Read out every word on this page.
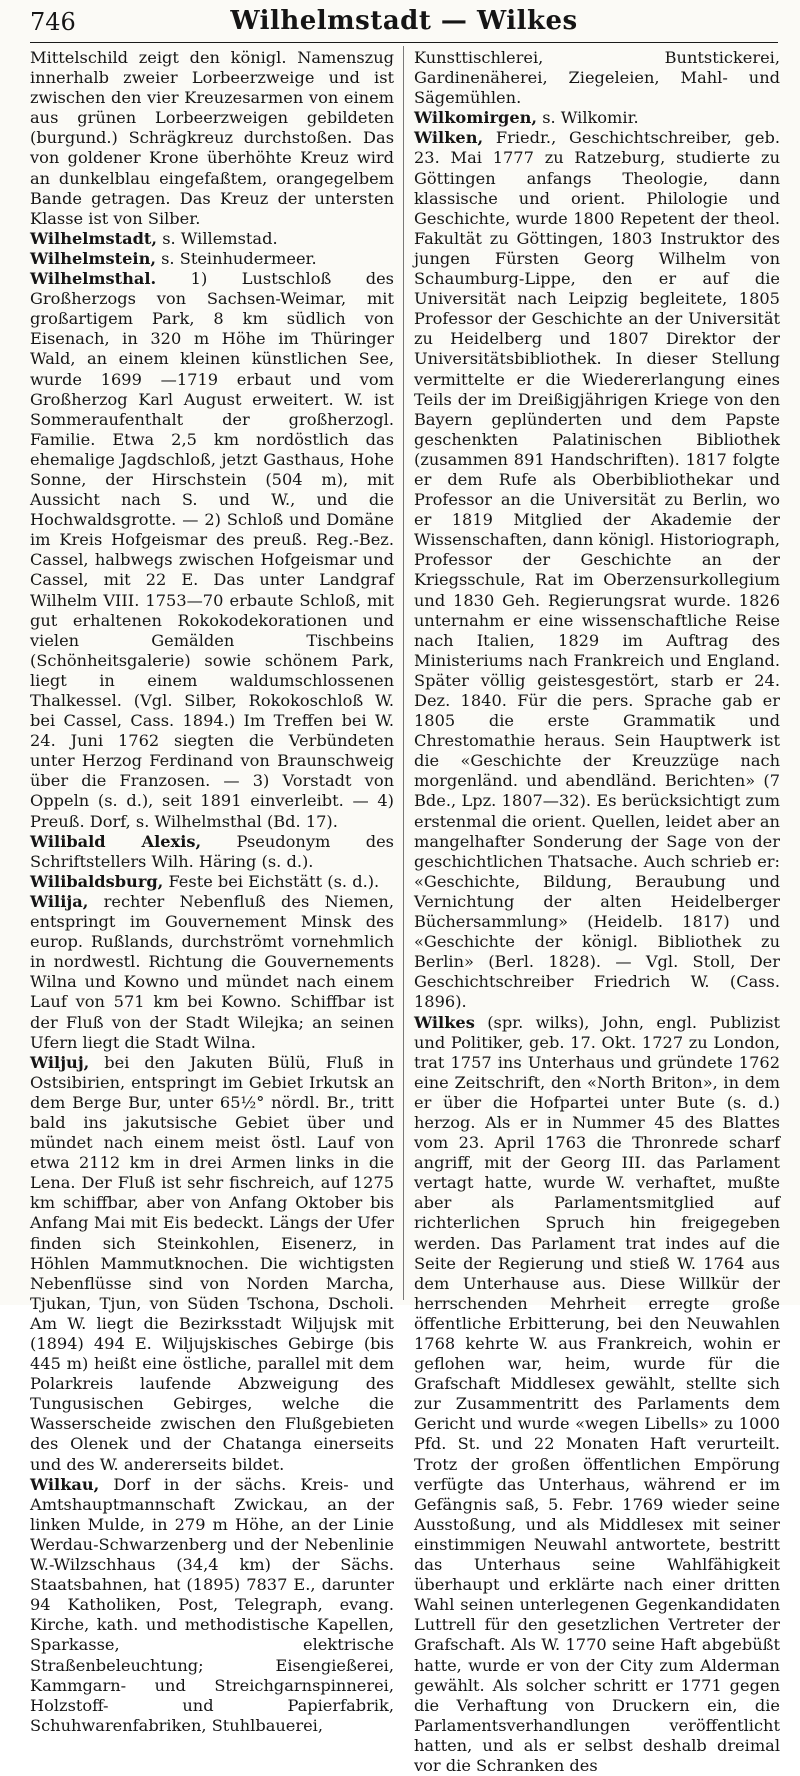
746	Wilhelmstadt — Wilkes

Mittelschild zeigt den königl. Namenszug innerhalb zweier Lorbeerzweige und ist zwischen den vier Kreuzesarmen von einem aus grünen Lorbeerzweigen gebildeten (burgund.) Schrägkreuz durchstoßen. Das von goldener Krone überhöhte Kreuz wird an dunkelblau eingefaßtem, orangegelbem Bande getragen. Das Kreuz der untersten Klasse ist von Silber.

Wilhelmstadt, s. Willemstad.

Wilhelmstein, s. Steinhudermeer.

Wilhelmsthal. 1) Lustschloß des Großherzogs von Sachsen-Weimar, mit großartigem Park, 8 km südlich von Eisenach, in 320 m Höhe im Thüringer Wald, an einem kleinen künstlichen See, wurde 1699 —1719 erbaut und vom Großherzog Karl August erweitert. W. ist Sommeraufenthalt der großherzogl. Familie. Etwa 2,5 km nordöstlich das ehemalige Jagdschloß, jetzt Gasthaus, Hohe Sonne, der Hirschstein (504 m), mit Aussicht nach S. und W., und die Hochwaldsgrotte. — 2) Schloß und Domäne im Kreis Hofgeismar des preuß. Reg.-Bez. Cassel, halbwegs zwischen Hofgeismar und Cassel, mit 22 E. Das unter Landgraf Wilhelm VIII. 1753—70 erbaute Schloß, mit gut erhaltenen Rokokodekorationen und vielen Gemälden Tischbeins (Schönheitsgalerie) sowie schönem Park, liegt in einem waldumschlossenen Thalkessel. (Vgl. Silber, Rokokoschloß W. bei Cassel, Cass. 1894.) Im Treffen bei W. 24. Juni 1762 siegten die Verbündeten unter Herzog Ferdinand von Braunschweig über die Franzosen. — 3) Vorstadt von Oppeln (s. d.), seit 1891 einverleibt. — 4) Preuß. Dorf, s. Wilhelmsthal (Bd. 17).

Wilibald Alexis, Pseudonym des Schriftstellers Wilh. Häring (s. d.).

Wilibaldsburg, Feste bei Eichstätt (s. d.).

Wilija, rechter Nebenfluß des Niemen, entspringt im Gouvernement Minsk des europ. Rußlands, durchströmt vornehmlich in nordwestl. Richtung die Gouvernements Wilna und Kowno und mündet nach einem Lauf von 571 km bei Kowno. Schiffbar ist der Fluß von der Stadt Wilejka; an seinen Ufern liegt die Stadt Wilna.

Wiljuj, bei den Jakuten Bülü, Fluß in Ostsibirien, entspringt im Gebiet Irkutsk an dem Berge Bur, unter 65½° nördl. Br., tritt bald ins jakutsische Gebiet über und mündet nach einem meist östl. Lauf von etwa 2112 km in drei Armen links in die Lena. Der Fluß ist sehr fischreich, auf 1275 km schiffbar, aber von Anfang Oktober bis Anfang Mai mit Eis bedeckt. Längs der Ufer finden sich Steinkohlen, Eisenerz, in Höhlen Mammutknochen. Die wichtigsten Nebenflüsse sind von Norden Marcha, Tjukan, Tjun, von Süden Tschona, Dscholi. Am W. liegt die Bezirksstadt Wiljujsk mit (1894) 494 E. Wiljujskisches Gebirge (bis 445 m) heißt eine östliche, parallel mit dem Polarkreis laufende Abzweigung des Tungusischen Gebirges, welche die Wasserscheide zwischen den Flußgebieten des Olenek und der Chatanga einerseits und des W. andererseits bildet.

Wilkau, Dorf in der sächs. Kreis- und Amtshauptmannschaft Zwickau, an der linken Mulde, in 279 m Höhe, an der Linie Werdau-Schwarzenberg und der Nebenlinie W.-Wilzschhaus (34,4 km) der Sächs. Staatsbahnen, hat (1895) 7837 E., darunter 94 Katholiken, Post, Telegraph, evang. Kirche, kath. und methodistische Kapellen, Sparkasse, elektrische Straßenbeleuchtung; Eisengießerei, Kammgarn- und Streichgarnspinnerei, Holzstoff- und Papierfabrik, Schuhwarenfabriken, Stuhlbauerei,

Kunsttischlerei, Buntstickerei, Gardinenäherei, Ziegeleien, Mahl- und Sägemühlen.

Wilkomirgen, s. Wilkomir.

Wilken, Friedr., Geschichtschreiber, geb. 23. Mai 1777 zu Ratzeburg, studierte zu Göttingen anfangs Theologie, dann klassische und orient. Philologie und Geschichte, wurde 1800 Repetent der theol. Fakultät zu Göttingen, 1803 Instruktor des jungen Fürsten Georg Wilhelm von Schaumburg-Lippe, den er auf die Universität nach Leipzig begleitete, 1805 Professor der Geschichte an der Universität zu Heidelberg und 1807 Direktor der Universitätsbibliothek. In dieser Stellung vermittelte er die Wiedererlangung eines Teils der im Dreißigjährigen Kriege von den Bayern geplünderten und dem Papste geschenkten Palatinischen Bibliothek (zusammen 891 Handschriften). 1817 folgte er dem Rufe als Oberbibliothekar und Professor an die Universität zu Berlin, wo er 1819 Mitglied der Akademie der Wissenschaften, dann königl. Historiograph, Professor der Geschichte an der Kriegsschule, Rat im Oberzensurkollegium und 1830 Geh. Regierungsrat wurde. 1826 unternahm er eine wissenschaftliche Reise nach Italien, 1829 im Auftrag des Ministeriums nach Frankreich und England. Später völlig geistesgestört, starb er 24. Dez. 1840. Für die pers. Sprache gab er 1805 die erste Grammatik und Chrestomathie heraus. Sein Hauptwerk ist die «Geschichte der Kreuzzüge nach morgenländ. und abendländ. Berichten» (7 Bde., Lpz. 1807—32). Es berücksichtigt zum erstenmal die orient. Quellen, leidet aber an mangelhafter Sonderung der Sage von der geschichtlichen Thatsache. Auch schrieb er: «Geschichte, Bildung, Beraubung und Vernichtung der alten Heidelberger Büchersammlung» (Heidelb. 1817) und «Geschichte der königl. Bibliothek zu Berlin» (Berl. 1828). — Vgl. Stoll, Der Geschichtschreiber Friedrich W. (Cass. 1896).

Wilkes (spr. wilks), John, engl. Publizist und Politiker, geb. 17. Okt. 1727 zu London, trat 1757 ins Unterhaus und gründete 1762 eine Zeitschrift, den «North Briton», in dem er über die Hofpartei unter Bute (s. d.) herzog. Als er in Nummer 45 des Blattes vom 23. April 1763 die Thronrede scharf angriff, mit der Georg III. das Parlament vertagt hatte, wurde W. verhaftet, mußte aber als Parlamentsmitglied auf richterlichen Spruch hin freigegeben werden. Das Parlament trat indes auf die Seite der Regierung und stieß W. 1764 aus dem Unterhause aus. Diese Willkür der herrschenden Mehrheit erregte große öffentliche Erbitterung, bei den Neuwahlen 1768 kehrte W. aus Frankreich, wohin er geflohen war, heim, wurde für die Grafschaft Middlesex gewählt, stellte sich zur Zusammentritt des Parlaments dem Gericht und wurde «wegen Libells» zu 1000 Pfd. St. und 22 Monaten Haft verurteilt. Trotz der großen öffentlichen Empörung verfügte das Unterhaus, während er im Gefängnis saß, 5. Febr. 1769 wieder seine Ausstoßung, und als Middlesex mit seiner einstimmigen Neuwahl antwortete, bestritt das Unterhaus seine Wahlfähigkeit überhaupt und erklärte nach einer dritten Wahl seinen unterlegenen Gegenkandidaten Luttrell für den gesetzlichen Vertreter der Grafschaft. Als W. 1770 seine Haft abgebüßt hatte, wurde er von der City zum Alderman gewählt. Als solcher schritt er 1771 gegen die Verhaftung von Druckern ein, die Parlamentsverhandlungen veröffentlicht hatten, und als er selbst deshalb dreimal vor die Schranken des
